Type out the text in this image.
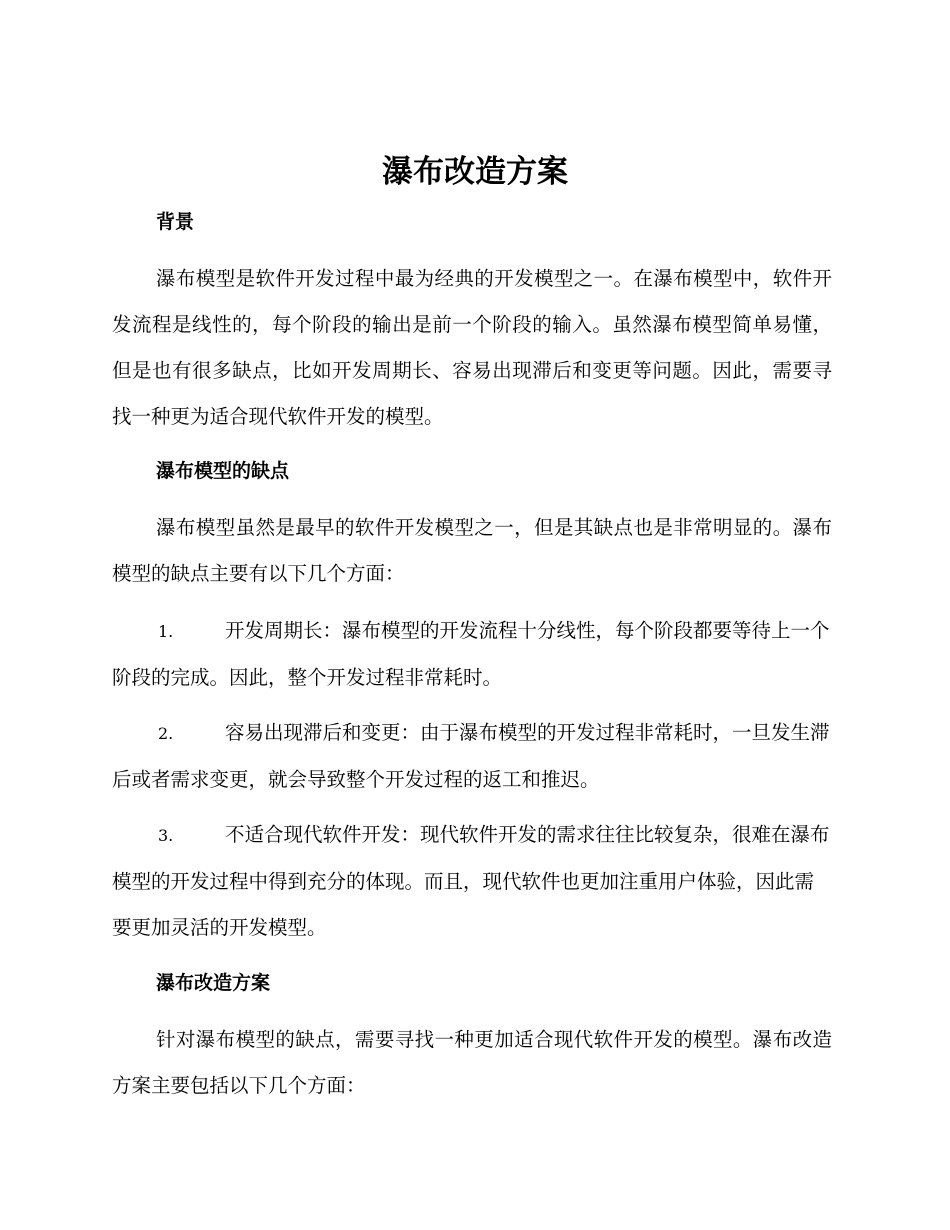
瀑布改造方案
背景

瀑布模型是软件开发过程中最为经典的开发模型之一。在瀑布模型中，软件开发流程是线性的，每个阶段的输出是前一个阶段的输入。虽然瀑布模型简单易懂，但是也有很多缺点，比如开发周期长、容易出现滞后和变更等问题。因此，需要寻找一种更为适合现代软件开发的模型。

瀑布模型的缺点

瀑布模型虽然是最早的软件开发模型之一，但是其缺点也是非常明显的。瀑布模型的缺点主要有以下几个方面：

1.	开发周期长：瀑布模型的开发流程十分线性，每个阶段都要等待上一个阶段的完成。因此，整个开发过程非常耗时。

2.	容易出现滞后和变更：由于瀑布模型的开发过程非常耗时，一旦发生滞后或者需求变更，就会导致整个开发过程的返工和推迟。

3.	不适合现代软件开发：现代软件开发的需求往往比较复杂，很难在瀑布模型的开发过程中得到充分的体现。而且，现代软件也更加注重用户体验，因此需要更加灵活的开发模型。

瀑布改造方案

针对瀑布模型的缺点，需要寻找一种更加适合现代软件开发的模型。瀑布改造方案主要包括以下几个方面：
